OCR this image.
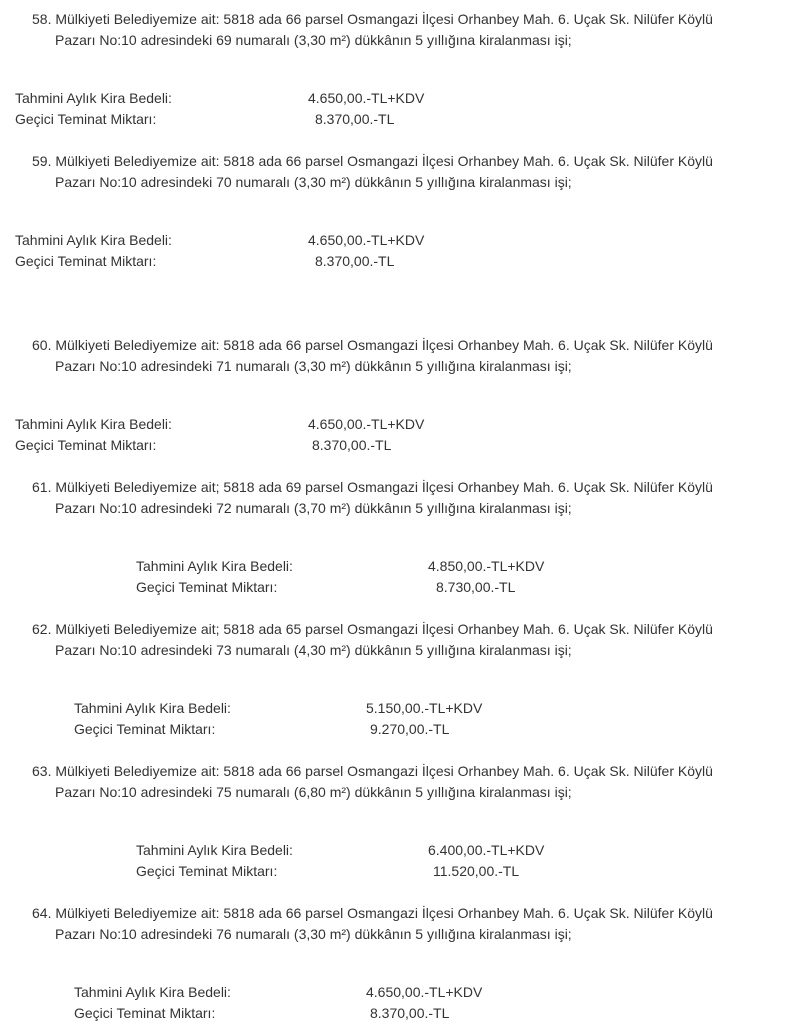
58. Mülkiyeti Belediyemize ait: 5818 ada 66 parsel Osmangazi İlçesi Orhanbey Mah. 6. Uçak Sk. Nilüfer Köylü
Pazarı No:10 adresindeki 69 numaralı (3,30 m²) dükkânın 5 yıllığına kiralanması işi;
Tahmini Aylık Kira Bedeli:	4.650,00.-TL+KDV
Geçici Teminat Miktarı:	8.370,00.-TL
59. Mülkiyeti Belediyemize ait: 5818 ada 66 parsel Osmangazi İlçesi Orhanbey Mah. 6. Uçak Sk. Nilüfer Köylü
Pazarı No:10 adresindeki 70 numaralı (3,30 m²) dükkânın 5 yıllığına kiralanması işi;
Tahmini Aylık Kira Bedeli:	4.650,00.-TL+KDV
Geçici Teminat Miktarı:	8.370,00.-TL
60. Mülkiyeti Belediyemize ait: 5818 ada 66 parsel Osmangazi İlçesi Orhanbey Mah. 6. Uçak Sk. Nilüfer Köylü
Pazarı No:10 adresindeki 71 numaralı (3,30 m²) dükkânın 5 yıllığına kiralanması işi;
Tahmini Aylık Kira Bedeli:	4.650,00.-TL+KDV
Geçici Teminat Miktarı:	8.370,00.-TL
61. Mülkiyeti Belediyemize ait; 5818 ada 69 parsel Osmangazi İlçesi Orhanbey Mah. 6. Uçak Sk. Nilüfer Köylü
Pazarı No:10 adresindeki 72 numaralı (3,70 m²) dükkânın 5 yıllığına kiralanması işi;
Tahmini Aylık Kira Bedeli:	4.850,00.-TL+KDV
Geçici Teminat Miktarı:	8.730,00.-TL
62. Mülkiyeti Belediyemize ait; 5818 ada 65 parsel Osmangazi İlçesi Orhanbey Mah. 6. Uçak Sk. Nilüfer Köylü
Pazarı No:10 adresindeki 73 numaralı (4,30 m²) dükkânın 5 yıllığına kiralanması işi;
Tahmini Aylık Kira Bedeli:	5.150,00.-TL+KDV
Geçici Teminat Miktarı:	9.270,00.-TL
63. Mülkiyeti Belediyemize ait: 5818 ada 66 parsel Osmangazi İlçesi Orhanbey Mah. 6. Uçak Sk. Nilüfer Köylü
Pazarı No:10 adresindeki 75 numaralı (6,80 m²) dükkânın 5 yıllığına kiralanması işi;
Tahmini Aylık Kira Bedeli:	6.400,00.-TL+KDV
Geçici Teminat Miktarı:	11.520,00.-TL
64. Mülkiyeti Belediyemize ait: 5818 ada 66 parsel Osmangazi İlçesi Orhanbey Mah. 6. Uçak Sk. Nilüfer Köylü
Pazarı No:10 adresindeki 76 numaralı (3,30 m²) dükkânın 5 yıllığına kiralanması işi;
Tahmini Aylık Kira Bedeli:	4.650,00.-TL+KDV
Geçici Teminat Miktarı:	8.370,00.-TL
